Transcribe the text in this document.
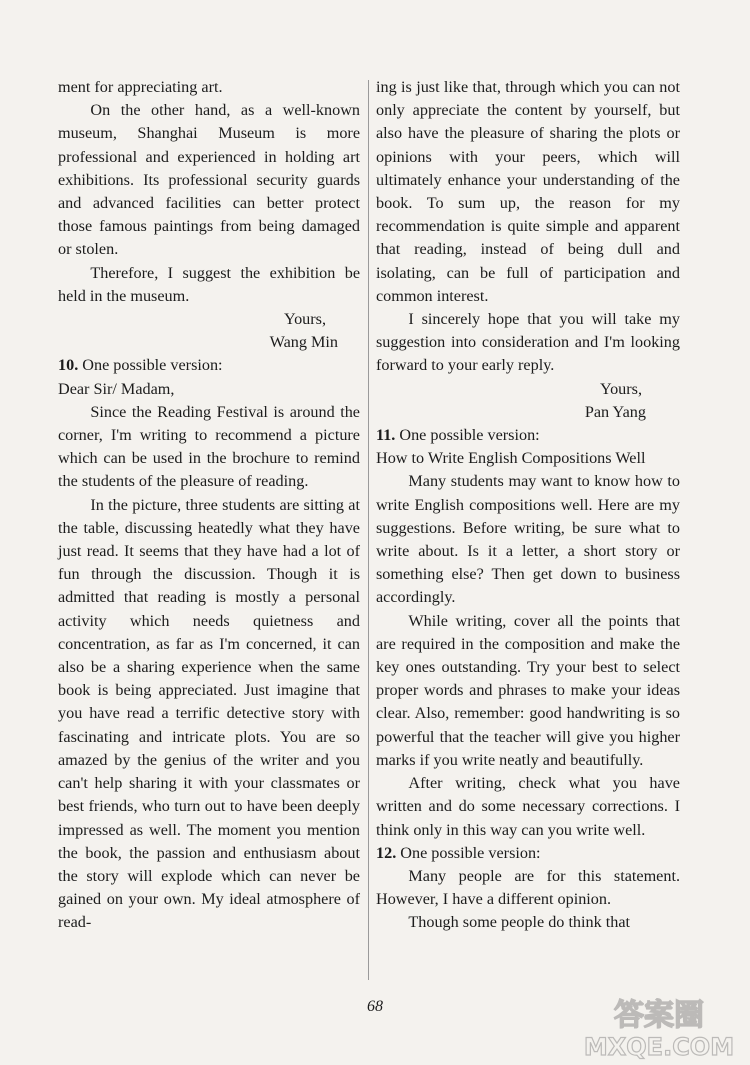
ment for appreciating art.

On the other hand, as a well-known museum, Shanghai Museum is more professional and experienced in holding art exhibitions. Its professional security guards and advanced facilities can better protect those famous paintings from being damaged or stolen.

Therefore, I suggest the exhibition be held in the museum.

Yours,

Wang Min

10. One possible version:

Dear Sir/ Madam,

Since the Reading Festival is around the corner, I'm writing to recommend a picture which can be used in the brochure to remind the students of the pleasure of reading.

In the picture, three students are sitting at the table, discussing heatedly what they have just read. It seems that they have had a lot of fun through the discussion. Though it is admitted that reading is mostly a personal activity which needs quietness and concentration, as far as I'm concerned, it can also be a sharing experience when the same book is being appreciated. Just imagine that you have read a terrific detective story with fascinating and intricate plots. You are so amazed by the genius of the writer and you can't help sharing it with your classmates or best friends, who turn out to have been deeply impressed as well. The moment you mention the book, the passion and enthusiasm about the story will explode which can never be gained on your own. My ideal atmosphere of read-

ing is just like that, through which you can not only appreciate the content by yourself, but also have the pleasure of sharing the plots or opinions with your peers, which will ultimately enhance your understanding of the book. To sum up, the reason for my recommendation is quite simple and apparent that reading, instead of being dull and isolating, can be full of participation and common interest.

I sincerely hope that you will take my suggestion into consideration and I'm looking forward to your early reply.

Yours,

Pan Yang

11. One possible version:

How to Write English Compositions Well

Many students may want to know how to write English compositions well. Here are my suggestions. Before writing, be sure what to write about. Is it a letter, a short story or something else? Then get down to business accordingly.

While writing, cover all the points that are required in the composition and make the key ones outstanding. Try your best to select proper words and phrases to make your ideas clear. Also, remember: good handwriting is so powerful that the teacher will give you higher marks if you write neatly and beautifully.

After writing, check what you have written and do some necessary corrections. I think only in this way can you write well.

12. One possible version:

Many people are for this statement. However, I have a different opinion.

Though some people do think that

68	答案圈
MXQE.COM
